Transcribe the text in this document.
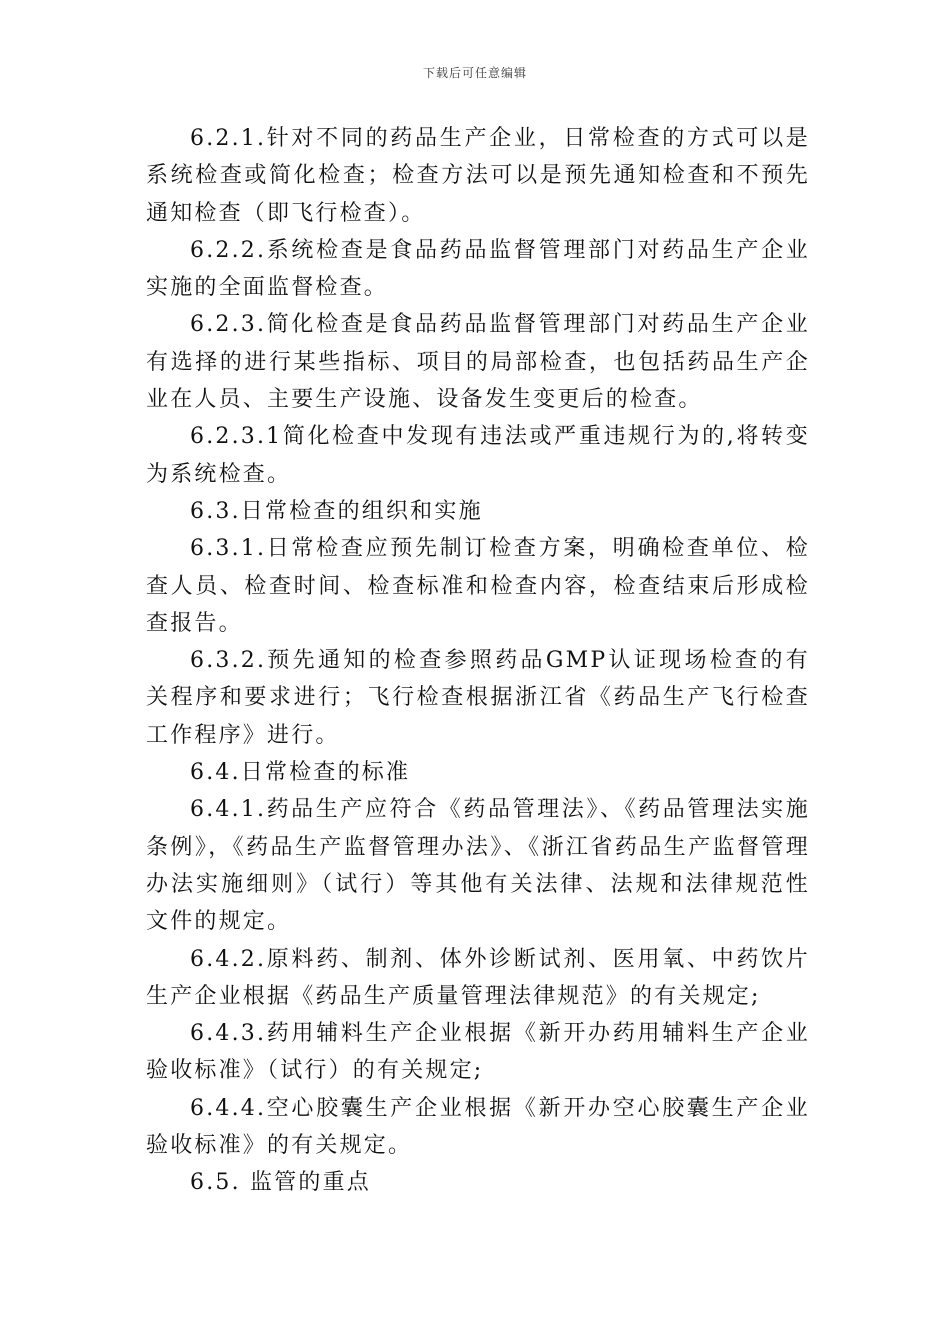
下载后可任意编辑

6.2.1.针对不同的药品生产企业，日常检查的方式可以是系统检查或简化检查；检查方法可以是预先通知检查和不预先通知检查（即飞行检查）。

6.2.2.系统检查是食品药品监督管理部门对药品生产企业实施的全面监督检查。

6.2.3.简化检查是食品药品监督管理部门对药品生产企业有选择的进行某些指标、项目的局部检查，也包括药品生产企业在人员、主要生产设施、设备发生变更后的检查。

6.2.3.1简化检查中发现有违法或严重违规行为的,将转变为系统检查。

6.3.日常检查的组织和实施

6.3.1.日常检查应预先制订检查方案，明确检查单位、检查人员、检查时间、检查标准和检查内容，检查结束后形成检查报告。

6.3.2.预先通知的检查参照药品GMP认证现场检查的有关程序和要求进行；飞行检查根据浙江省《药品生产飞行检查工作程序》进行。

6.4.日常检查的标准

6.4.1.药品生产应符合《药品管理法》、《药品管理法实施条例》，《药品生产监督管理办法》、《浙江省药品生产监督管理办法实施细则》（试行）等其他有关法律、法规和法律规范性文件的规定。

6.4.2.原料药、制剂、体外诊断试剂、医用氧、中药饮片生产企业根据《药品生产质量管理法律规范》的有关规定;

6.4.3.药用辅料生产企业根据《新开办药用辅料生产企业验收标准》（试行）的有关规定;

6.4.4.空心胶囊生产企业根据《新开办空心胶囊生产企业验收标准》的有关规定。

6.5. 监管的重点
